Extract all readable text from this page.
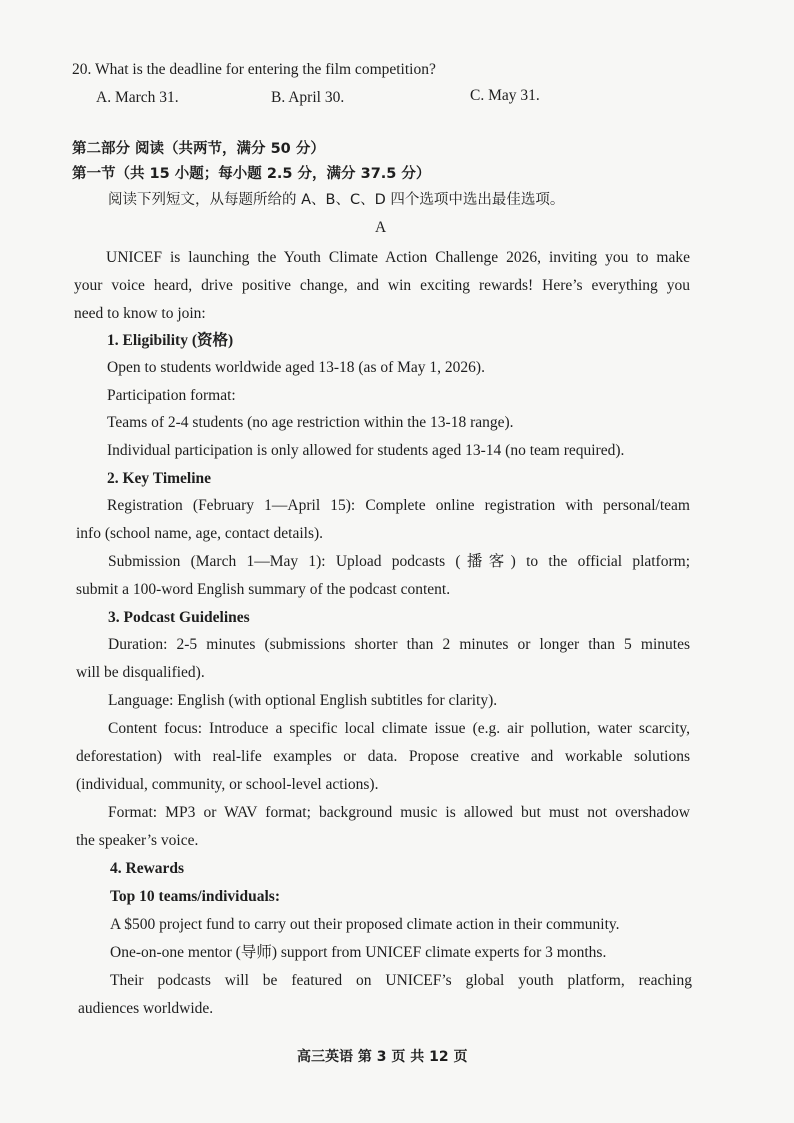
20. What is the deadline for entering the film competition?
A. March 31.	B. April 30.	C. May 31.
第二部分 阅读（共两节，满分 50 分）
第一节（共 15 小题；每小题 2.5 分，满分 37.5 分）
阅读下列短文，从每题所给的 A、B、C、D 四个选项中选出最佳选项。
A
UNICEF is launching the Youth Climate Action Challenge 2026, inviting you to make
your voice heard, drive positive change, and win exciting rewards! Here’s everything you
need to know to join:
1. Eligibility (资格)
Open to students worldwide aged 13-18 (as of May 1, 2026).
Participation format:
Teams of 2-4 students (no age restriction within the 13-18 range).
Individual participation is only allowed for students aged 13-14 (no team required).
2. Key Timeline
Registration (February 1—April 15): Complete online registration with personal/team
info (school name, age, contact details).
Submission (March 1—May 1): Upload podcasts (播客) to the official platform;
submit a 100-word English summary of the podcast content.
3. Podcast Guidelines
Duration: 2-5 minutes (submissions shorter than 2 minutes or longer than 5 minutes
will be disqualified).
Language: English (with optional English subtitles for clarity).
Content focus: Introduce a specific local climate issue (e.g. air pollution, water scarcity,
deforestation) with real-life examples or data. Propose creative and workable solutions
(individual, community, or school-level actions).
Format: MP3 or WAV format; background music is allowed but must not overshadow
the speaker’s voice.
4. Rewards
Top 10 teams/individuals:
A $500 project fund to carry out their proposed climate action in their community.
One-on-one mentor (导师) support from UNICEF climate experts for 3 months.
Their podcasts will be featured on UNICEF’s global youth platform, reaching
audiences worldwide.
高三英语 第 3 页 共 12 页
